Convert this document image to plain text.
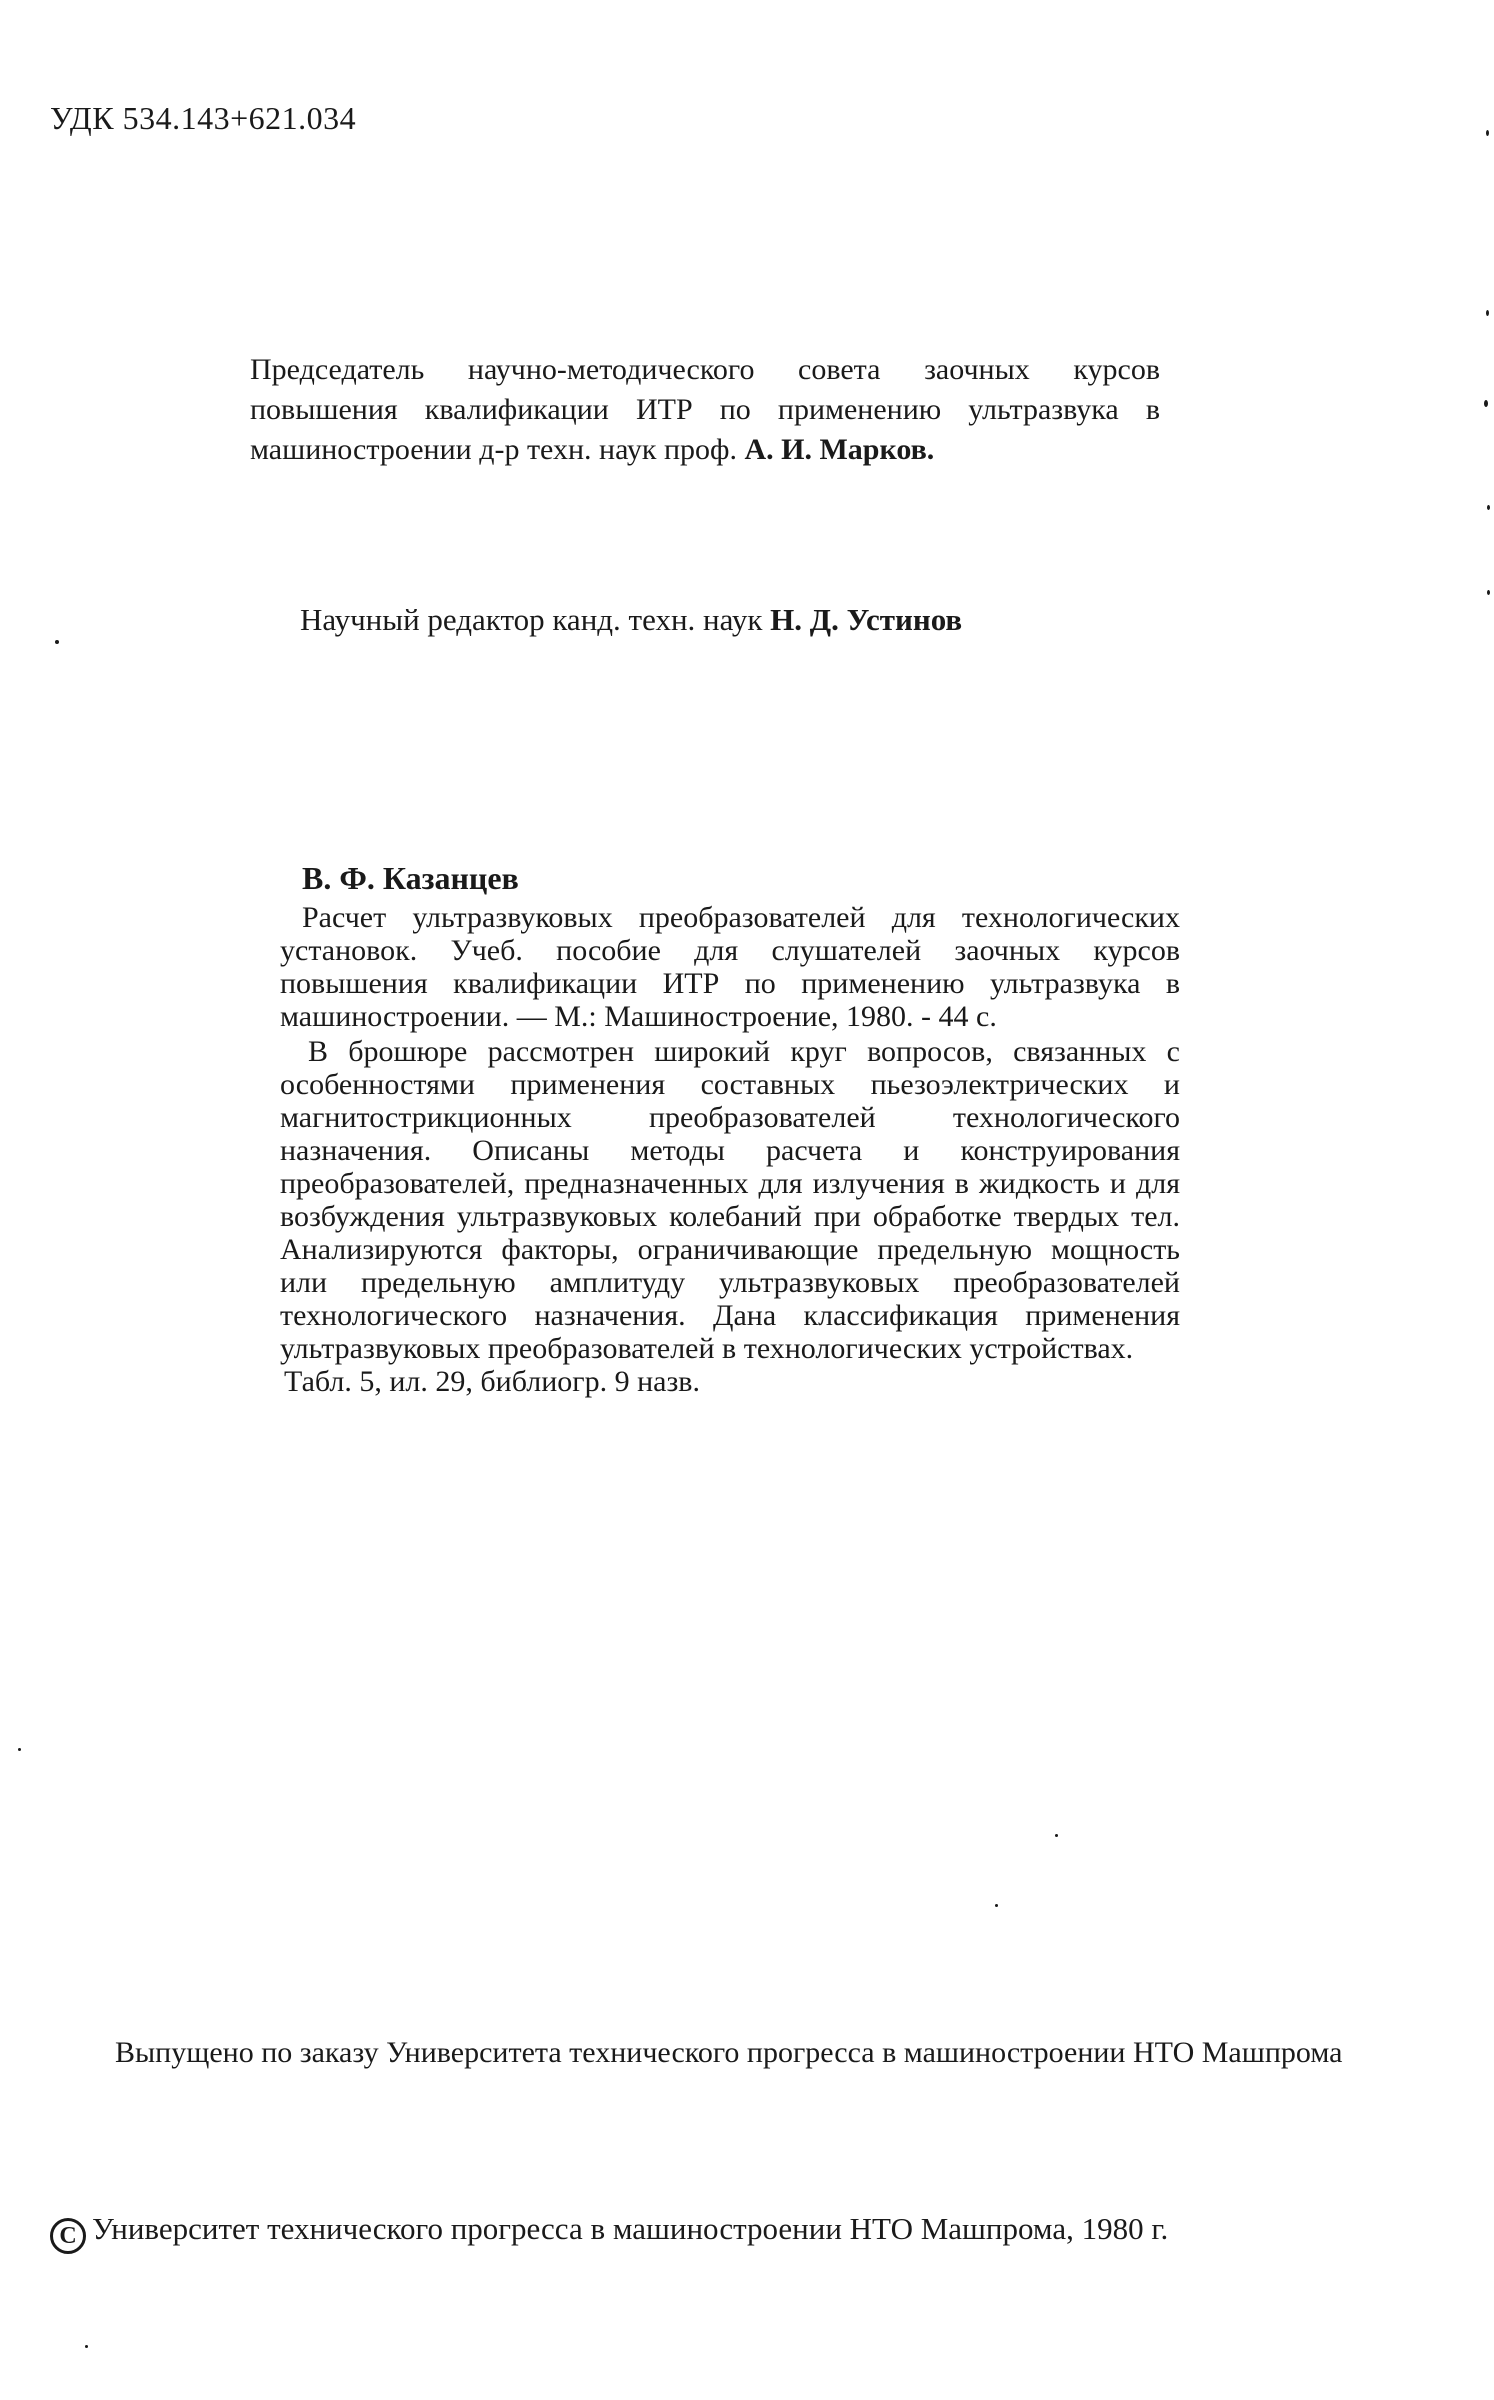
УДК 534.143+621.034
Председатель научно-методического совета заочных курсов повышения квалификации ИТР по применению ультразвука в машиностроении д-р техн. наук проф. А. И. Марков.
Научный редактор канд. техн. наук Н. Д. Устинов
В. Ф. Казанцев

Расчет ультразвуковых преобразователей для технологических установок. Учеб. пособие для слушателей заочных курсов повышения квалификации ИТР по применению ультразвука в машиностроении. — М.: Машиностроение, 1980. - 44 с.

В брошюре рассмотрен широкий круг вопросов, связанных с особенностями применения составных пьезоэлектрических и магнитострикционных преобразователей технологического назначения. Описаны методы расчета и конструирования преобразователей, предназначенных для излучения в жидкость и для возбуждения ультразвуковых колебаний при обработке твердых тел. Анализируются факторы, ограничивающие предельную мощность или предельную амплитуду ультразвуковых преобразователей технологического назначения. Дана классификация применения ультразвуковых преобразователей в технологических устройствах.

Табл. 5, ил. 29, библиогр. 9 назв.

Выпущено по заказу Университета технического прогресса в машиностроении НТО Машпрома
C Университет технического прогресса в машиностроении НТО Машпрома, 1980 г.
